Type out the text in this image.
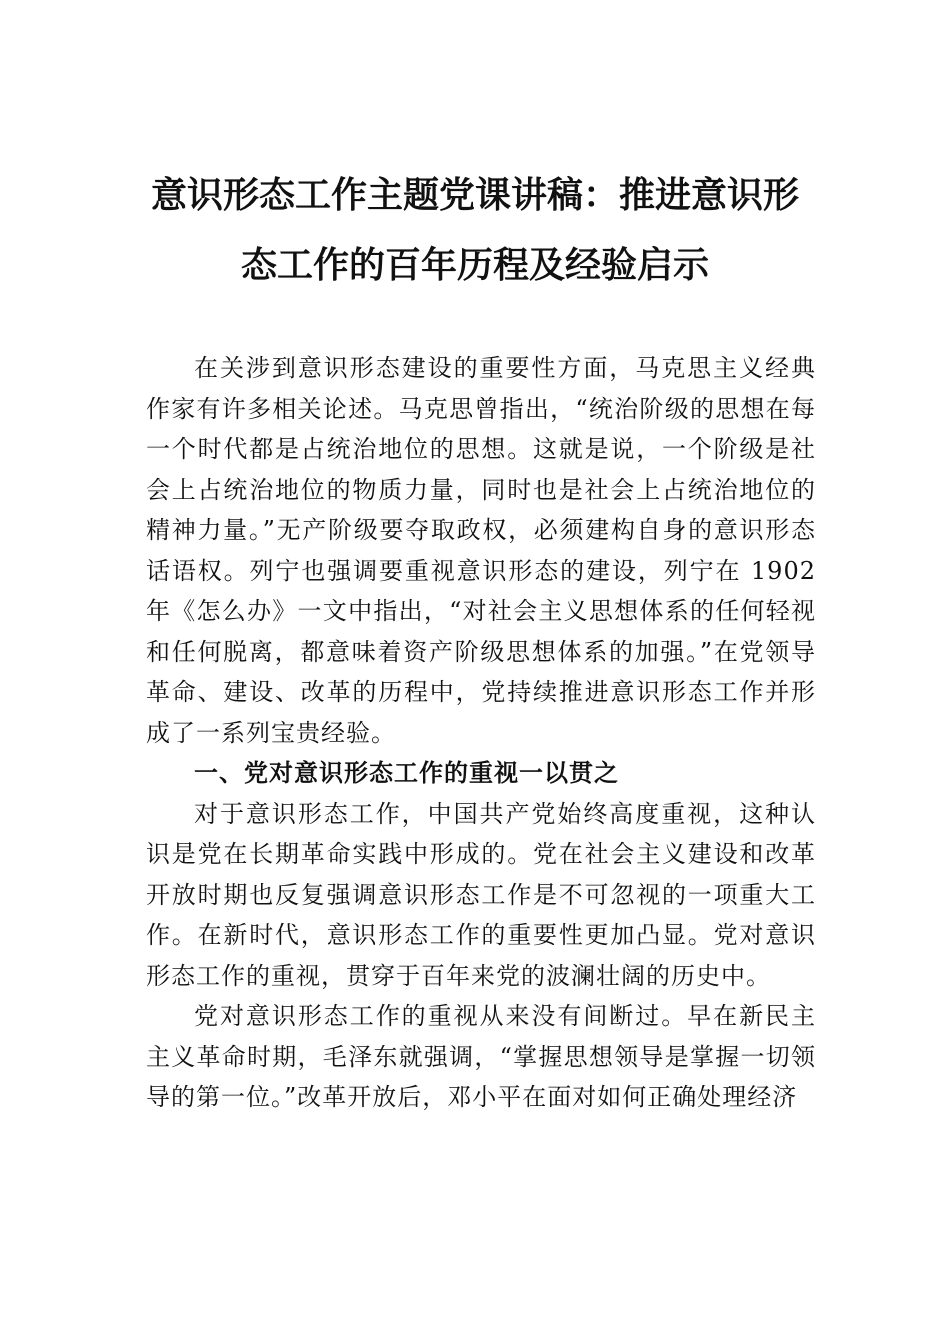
意识形态工作主题党课讲稿：推进意识形
态工作的百年历程及经验启示

在关涉到意识形态建设的重要性方面，马克思主义经典作家有许多相关论述。马克思曾指出，“统治阶级的思想在每一个时代都是占统治地位的思想。这就是说，一个阶级是社会上占统治地位的物质力量，同时也是社会上占统治地位的精神力量。”无产阶级要夺取政权，必须建构自身的意识形态话语权。列宁也强调要重视意识形态的建设，列宁在 1902 年《怎么办》一文中指出，“对社会主义思想体系的任何轻视和任何脱离，都意味着资产阶级思想体系的加强。”在党领导革命、建设、改革的历程中，党持续推进意识形态工作并形成了一系列宝贵经验。

一、党对意识形态工作的重视一以贯之

对于意识形态工作，中国共产党始终高度重视，这种认识是党在长期革命实践中形成的。党在社会主义建设和改革开放时期也反复强调意识形态工作是不可忽视的一项重大工作。在新时代，意识形态工作的重要性更加凸显。党对意识形态工作的重视，贯穿于百年来党的波澜壮阔的历史中。

党对意识形态工作的重视从来没有间断过。早在新民主主义革命时期，毛泽东就强调，“掌握思想领导是掌握一切领导的第一位。”改革开放后，邓小平在面对如何正确处理经济
